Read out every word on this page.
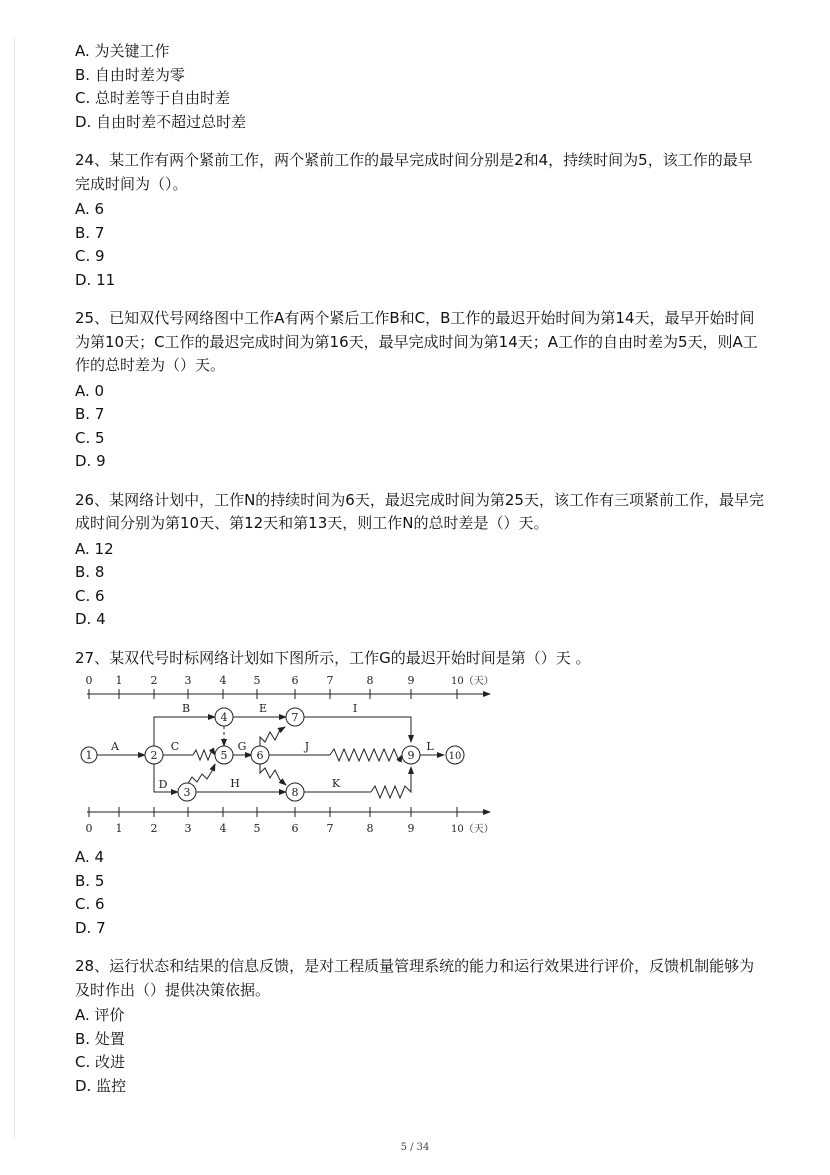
A. 为关键工作
B. 自由时差为零
C. 总时差等于自由时差
D. 自由时差不超过总时差
24、某工作有两个紧前工作，两个紧前工作的最早完成时间分别是2和4，持续时间为5，该工作的最早完成时间为（）。
A. 6
B. 7
C. 9
D. 11
25、已知双代号网络图中工作A有两个紧后工作B和C，B工作的最迟开始时间为第14天，最早开始时间为第10天；C工作的最迟完成时间为第16天，最早完成时间为第14天；A工作的自由时差为5天，则A工作的总时差为（）天。
A. 0
B. 7
C. 5
D. 9
26、某网络计划中，工作N的持续时间为6天，最迟完成时间为第25天，该工作有三项紧前工作，最早完成时间分别为第10天、第12天和第13天，则工作N的总时差是（）天。
A. 12
B. 8
C. 6
D. 4
27、某双代号时标网络计划如下图所示，工作G的最迟开始时间是第（）天 。
0 1	2 3	4 5	6	7	8	9	10（天）
0 1	2 3	4 5	6	7	8	9	10（天）
1	2
3
4
5	6
7
8
9	10
A
B
C
D
E
G
H
I
J
K
L
A. 4
B. 5
C. 6
D. 7
28、运行状态和结果的信息反馈，是对工程质量管理系统的能力和运行效果进行评价，反馈机制能够为及时作出（）提供决策依据。
A. 评价
B. 处置
C. 改进
D. 监控
5 / 34
